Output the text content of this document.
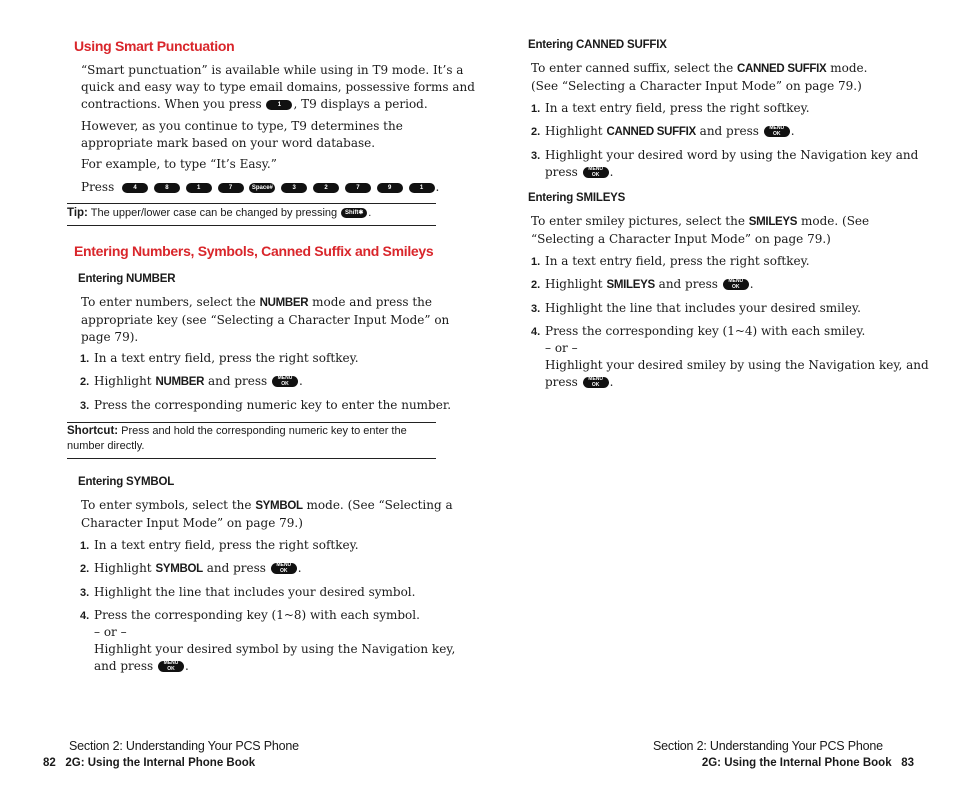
Using Smart Punctuation
“Smart punctuation” is available while using in T9 mode. It’s a
quick and easy way to type email domains, possessive forms and
contractions. When you press	1 , T9 displays a period.
However, as you continue to type, T9 determines the
appropriate mark based on your word database.
For example, to type “It’s Easy.”
Press	4	8	1	7	Space#	3	2	7	9	1 .
Tip: The upper/lower case can be changed by pressing Shift✱ .
Entering Numbers, Symbols, Canned Suffix and Smileys
Entering NUMBER
To enter numbers, select the NUMBER mode and press the
appropriate key (see “Selecting a Character Input Mode” on
page 79).
1. In a text entry field, press the right softkey.
2. Highlight NUMBER and press MENU
OK .
3. Press the corresponding numeric key to enter the number.
Shortcut: Press and hold the corresponding numeric key to enter the
number directly.
Entering SYMBOL
To enter symbols, select the SYMBOL mode. (See “Selecting a
Character Input Mode” on page 79.)
1. In a text entry field, press the right softkey.
2. Highlight SYMBOL and press MENU
OK .
3. Highlight the line that includes your desired symbol.
4. Press the corresponding key (1~8) with each symbol.
– or –
Highlight your desired symbol by using the Navigation key,
and press MENU
OK .
Section 2: Understanding Your PCS Phone
82 2G: Using the Internal Phone Book
Entering CANNED SUFFIX
To enter canned suffix, select the CANNED SUFFIX mode.
(See “Selecting a Character Input Mode” on page 79.)
1. In a text entry field, press the right softkey.
2. Highlight CANNED SUFFIX and press MENU
OK .
3. Highlight your desired word by using the Navigation key and
press MENU
OK .
Entering SMILEYS
To enter smiley pictures, select the SMILEYS mode. (See
“Selecting a Character Input Mode” on page 79.)
1. In a text entry field, press the right softkey.
2. Highlight SMILEYS and press MENU
OK .
3. Highlight the line that includes your desired smiley.
4. Press the corresponding key (1~4) with each smiley.
– or –
Highlight your desired smiley by using the Navigation key, and
press MENU
OK .
Section 2: Understanding Your PCS Phone
2G: Using the Internal Phone Book 83
